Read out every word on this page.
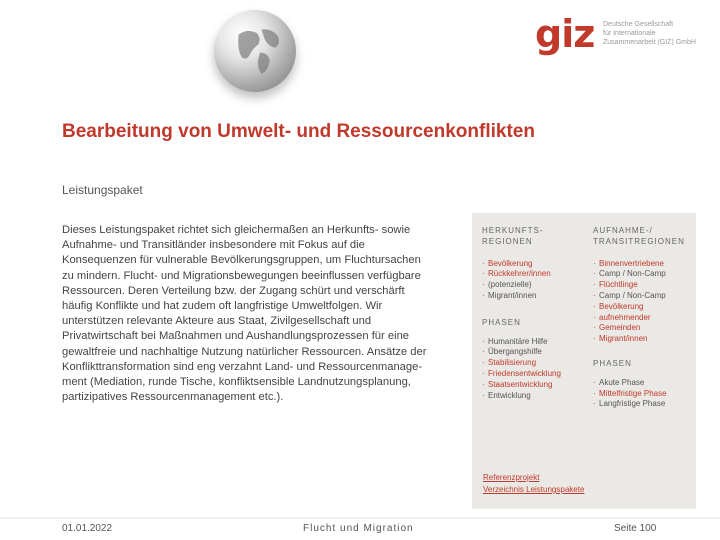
giz Deutsche Gesellschaft
für Internationale
Zusammenarbeit (GIZ) GmbH
Bearbeitung von Umwelt- und Ressourcenkonflikten
Leistungspaket
Dieses Leistungspaket richtet sich gleichermaßen an Herkunfts- sowie
Aufnahme- und Transitländer insbesondere mit Fokus auf die
Konsequenzen für vulnerable Bevölkerungsgruppen, um Fluchtursachen
zu mindern. Flucht- und Migrationsbewegungen beeinflussen verfügbare
Ressourcen. Deren Verteilung bzw. der Zugang schürt und verschärft
häufig Konflikte und hat zudem oft langfristige Umweltfolgen. Wir
unterstützen relevante Akteure aus Staat, Zivilgesellschaft und
Privatwirtschaft bei Maßnahmen und Aushandlungsprozessen für eine
gewaltfreie und nachhaltige Nutzung natürlicher Ressourcen. Ansätze der
Konflikttransformation sind eng verzahnt Land- und Ressourcenmanage-
ment (Mediation, runde Tische, konfliktsensible Landnutzungsplanung,
partizipatives Ressourcenmanagement etc.).
HERKUNFTS-
REGIONEN
· Bevölkerung
· Rückkehrer/innen
· (potenzielle)
· Migrant/innen
PHASEN
· Humanitäre Hilfe
· Übergangshilfe
· Stabilisierung
· Friedensentwicklung
· Staatsentwicklung
· Entwicklung
AUFNAHME-/
TRANSITREGIONEN
· Binnenvertriebene
· Camp / Non-Camp
· Flüchtlinge
· Camp / Non-Camp
· Bevölkerung
· aufnehmender
· Gemeinden
· Migrant/innen
PHASEN
· Akute Phase
· Mittelfristige Phase
· Langfristige Phase
Referenzprojekt
Verzeichnis Leistungspakete
01.01.2022	Flucht und Migration	Seite 100
